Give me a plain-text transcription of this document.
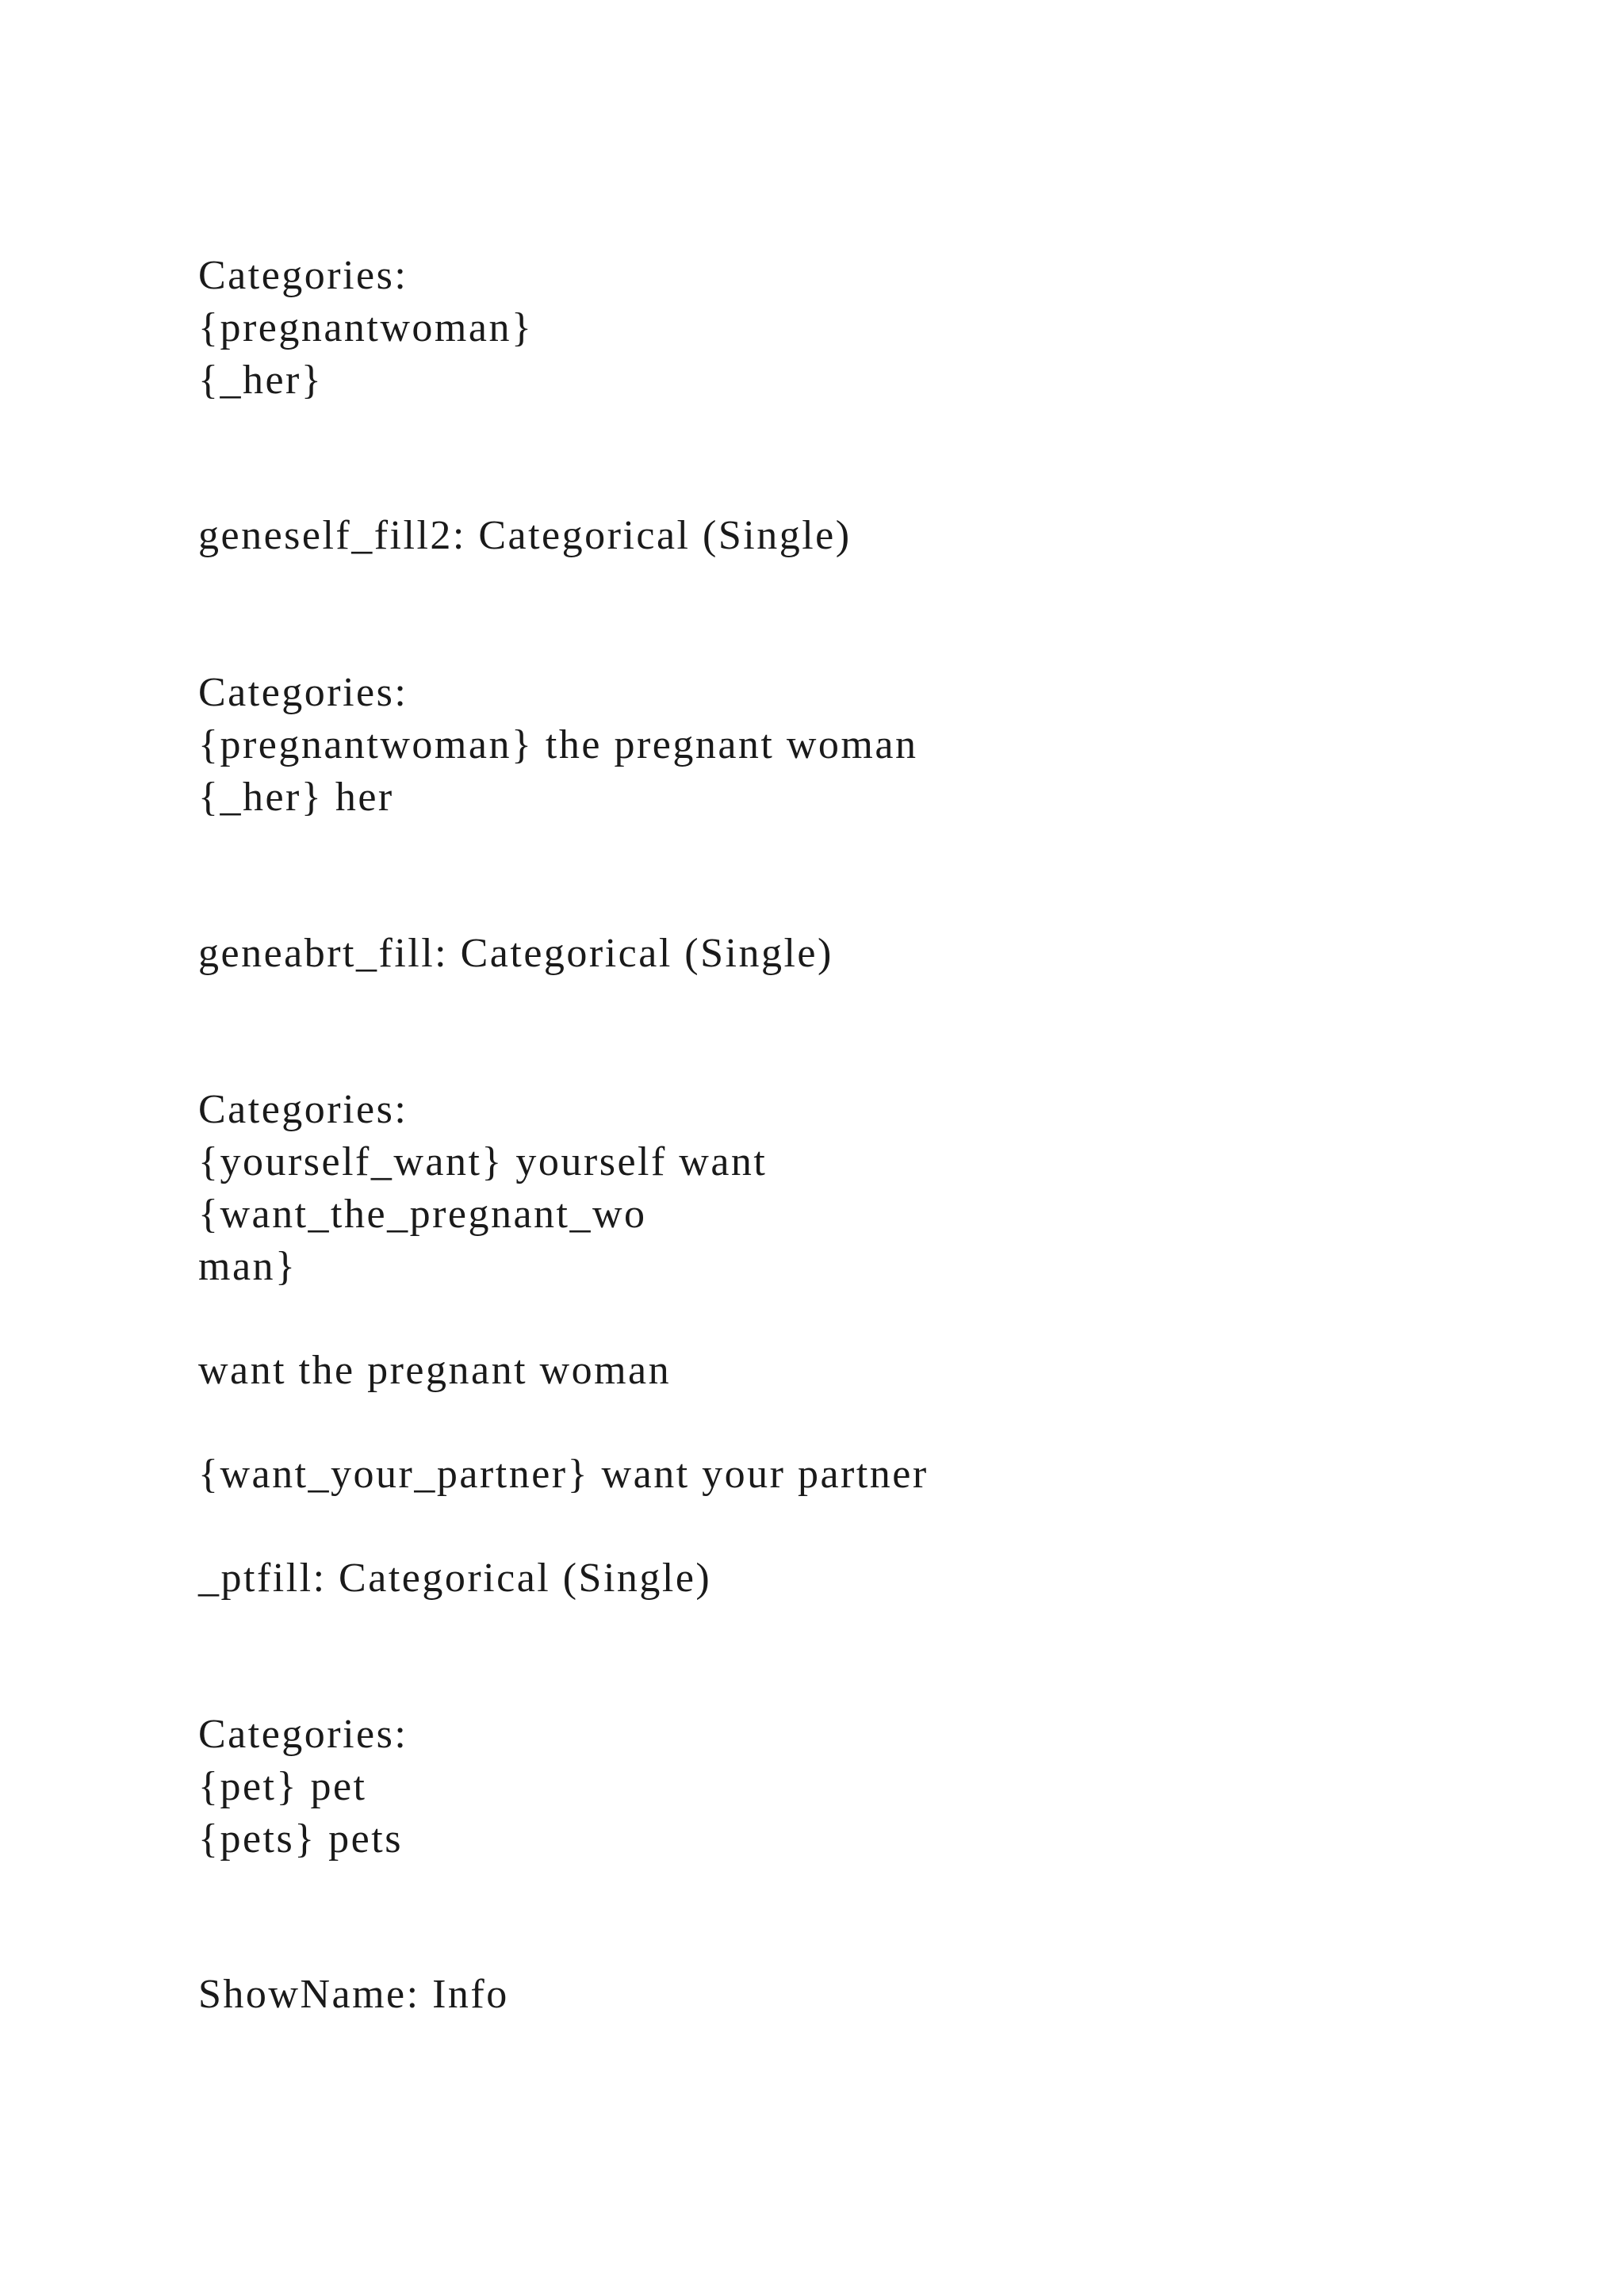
Categories:
{pregnantwoman}
{_her}
geneself_fill2: Categorical (Single)
Categories:
{pregnantwoman} the pregnant woman
{_her} her
geneabrt_fill: Categorical (Single)
Categories:
{yourself_want} yourself want
{want_the_pregnant_wo
man}
want the pregnant woman
{want_your_partner} want your partner
_ptfill: Categorical (Single)
Categories:
{pet} pet
{pets} pets
ShowName: Info
